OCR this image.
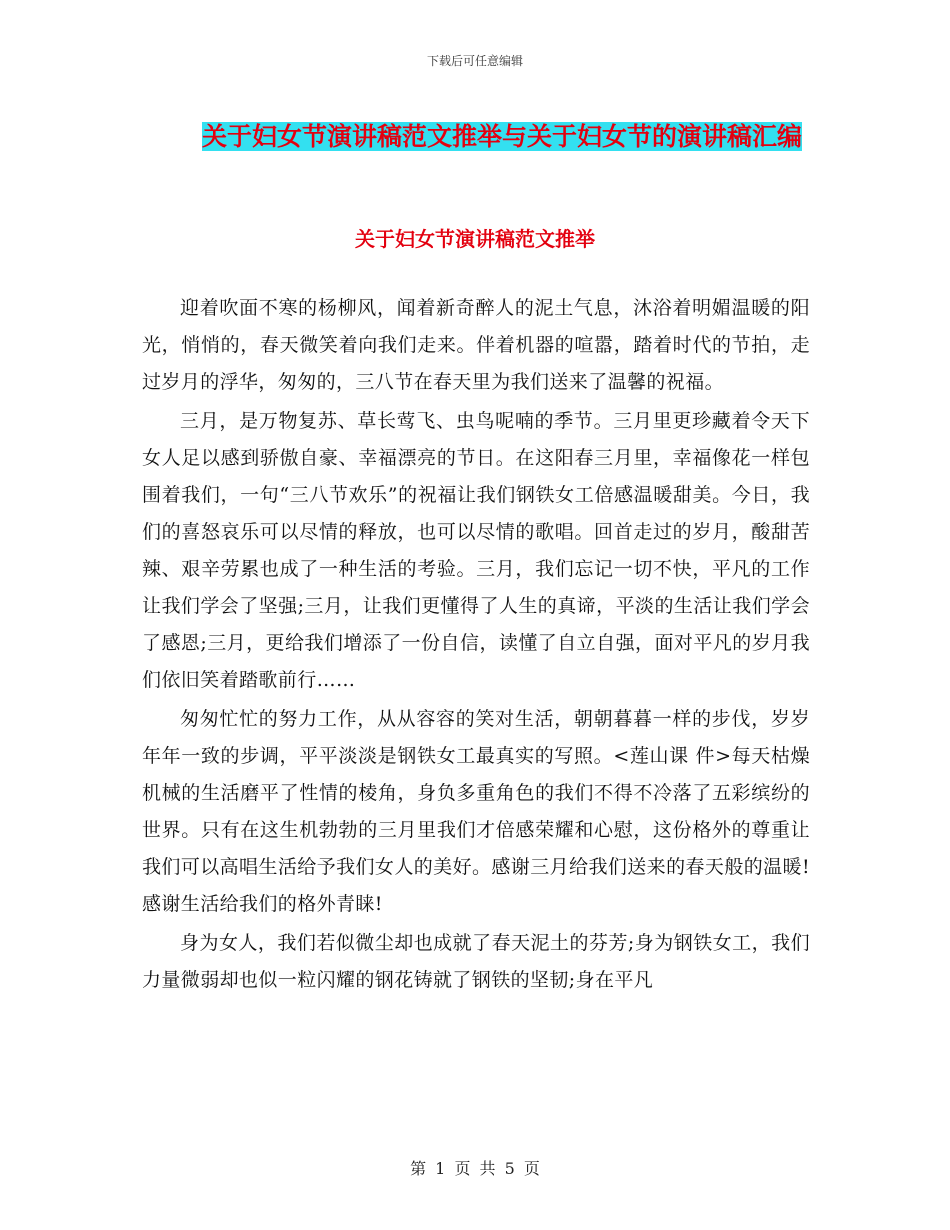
下载后可任意编辑
关于妇女节演讲稿范文推举与关于妇女节的演讲稿汇编
关于妇女节演讲稿范文推举

迎着吹面不寒的杨柳风，闻着新奇醉人的泥土气息，沐浴着明媚温暖的阳光，悄悄的，春天微笑着向我们走来。伴着机器的喧嚣，踏着时代的节拍，走过岁月的浮华，匆匆的，三八节在春天里为我们送来了温馨的祝福。

三月，是万物复苏、草长莺飞、虫鸟呢喃的季节。三月里更珍藏着令天下女人足以感到骄傲自豪、幸福漂亮的节日。在这阳春三月里，幸福像花一样包围着我们，一句“三八节欢乐”的祝福让我们钢铁女工倍感温暖甜美。今日，我们的喜怒哀乐可以尽情的释放，也可以尽情的歌唱。回首走过的岁月，酸甜苦辣、艰辛劳累也成了一种生活的考验。三月，我们忘记一切不快，平凡的工作让我们学会了坚强;三月，让我们更懂得了人生的真谛，平淡的生活让我们学会了感恩;三月，更给我们增添了一份自信，读懂了自立自强，面对平凡的岁月我们依旧笑着踏歌前行……

匆匆忙忙的努力工作，从从容容的笑对生活，朝朝暮暮一样的步伐，岁岁年年一致的步调，平平淡淡是钢铁女工最真实的写照。<莲山课 件>每天枯燥机械的生活磨平了性情的棱角，身负多重角色的我们不得不冷落了五彩缤纷的世界。只有在这生机勃勃的三月里我们才倍感荣耀和心慰，这份格外的尊重让我们可以高唱生活给予我们女人的美好。感谢三月给我们送来的春天般的温暖!感谢生活给我们的格外青睐!

身为女人，我们若似微尘却也成就了春天泥土的芬芳;身为钢铁女工，我们力量微弱却也似一粒闪耀的钢花铸就了钢铁的坚韧;身在平凡

第 1 页 共 5 页
